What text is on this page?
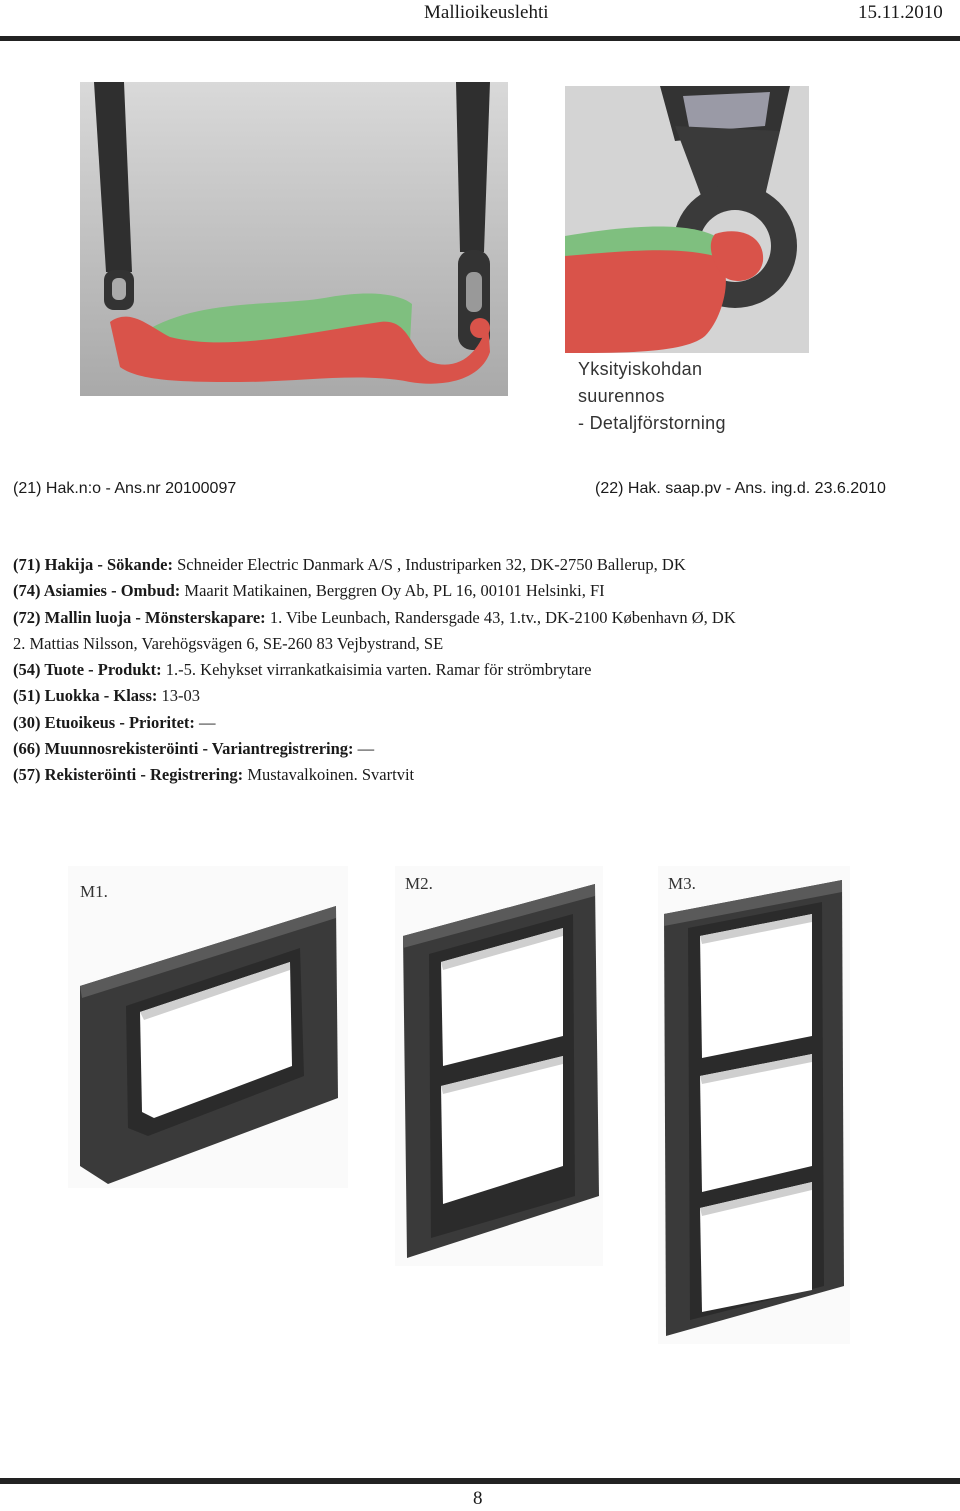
Mallioikeuslehti	15.11.2010
Yksityiskohdan
suurennos
- Detaljförstorning
(21) Hak.n:o - Ans.nr 20100097	(22) Hak. saap.pv - Ans. ing.d. 23.6.2010
(71) Hakija - Sökande: Schneider Electric Danmark A/S , Industriparken 32, DK-2750 Ballerup, DK
(74) Asiamies - Ombud: Maarit Matikainen, Berggren Oy Ab, PL 16, 00101 Helsinki, FI
(72) Mallin luoja - Mönsterskapare: 1. Vibe Leunbach, Randersgade 43, 1.tv., DK-2100 København Ø, DK
2. Mattias Nilsson, Varehögsvägen 6, SE-260 83 Vejbystrand, SE
(54) Tuote - Produkt: 1.-5. Kehykset virrankatkaisimia varten. Ramar för strömbrytare
(51) Luokka - Klass: 13-03
(30) Etuoikeus - Prioritet: —
(66) Muunnosrekisteröinti - Variantregistrering: —
(57) Rekisteröinti - Registrering: Mustavalkoinen. Svartvit
M1.	M2.	M3.
8
